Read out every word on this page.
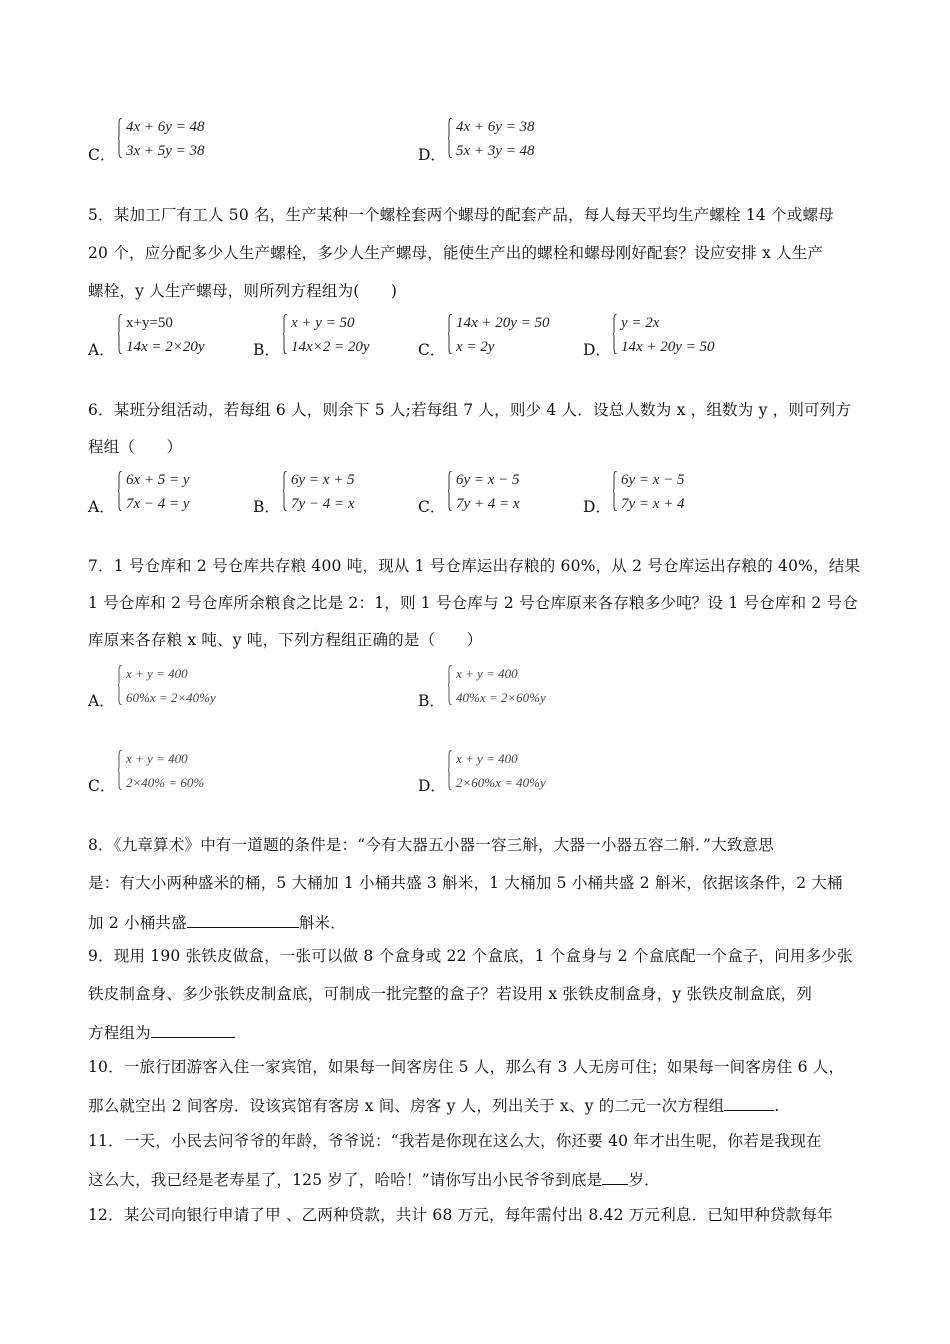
C．
4x + 6y = 48
3x + 5y = 38	D．
4x + 6y = 38
5x + 3y = 48
5．某加工厂有工人 50 名，生产某种一个螺栓套两个螺母的配套产品，每人每天平均生产螺栓 14 个或螺母
20 个，应分配多少人生产螺栓，多少人生产螺母，能使生产出的螺栓和螺母刚好配套？设应安排 x 人生产
螺栓，y 人生产螺母，则所列方程组为(　　)
A．
x+y=50
14x = 2×20y	B．
x + y = 50
14x×2 = 20y	C．
14x + 20y = 50
x = 2y	D．
y = 2x
14x + 20y = 50
6．某班分组活动，若每组 6 人，则余下 5 人;若每组 7 人，则少 4 人．设总人数为 x ，组数为 y ，则可列方
程组（　　）
A．
6x + 5 = y
7x − 4 = y	B．
6y = x + 5
7y − 4 = x	C．
6y = x − 5
7y + 4 = x	D．
6y = x − 5
7y = x + 4
7．1 号仓库和 2 号仓库共存粮 400 吨，现从 1 号仓库运出存粮的 60%，从 2 号仓库运出存粮的 40%，结果
1 号仓库和 2 号仓库所余粮食之比是 2：1，则 1 号仓库与 2 号仓库原来各存粮多少吨？设 1 号仓库和 2 号仓
库原来各存粮 x 吨、y 吨，下列方程组正确的是（　　）
A．
x + y = 400
60%x = 2×40%y	B．
x + y = 400
40%x = 2×60%y
C．
x + y = 400
2×40% = 60%	D．
x + y = 400
2×60%x = 40%y
8．《九章算术》中有一道题的条件是：“今有大器五小器一容三斛，大器一小器五容二斛．”大致意思
是：有大小两种盛米的桶，5 大桶加 1 小桶共盛 3 斛米，1 大桶加 5 小桶共盛 2 斛米，依据该条件，2 大桶
加 2 小桶共盛	斛米．
9．现用 190 张铁皮做盒，一张可以做 8 个盒身或 22 个盒底，1 个盒身与 2 个盒底配一个盒子，问用多少张
铁皮制盒身、多少张铁皮制盒底，可制成一批完整的盒子？若设用 x 张铁皮制盒身，y 张铁皮制盒底，列
方程组为
10．一旅行团游客入住一家宾馆，如果每一间客房住 5 人，那么有 3 人无房可住；如果每一间客房住 6 人，
那么就空出 2 间客房．设该宾馆有客房 x 间、房客 y 人，列出关于 x、y 的二元一次方程组	.
11．一天，小民去问爷爷的年龄，爷爷说：“我若是你现在这么大，你还要 40 年才出生呢，你若是我现在
这么大，我已经是老寿星了，125 岁了，哈哈！”请你写出小民爷爷到底是 岁．
12．某公司向银行申请了甲 、乙两种贷款，共计 68 万元，每年需付出 8.42 万元利息．已知甲种贷款每年
